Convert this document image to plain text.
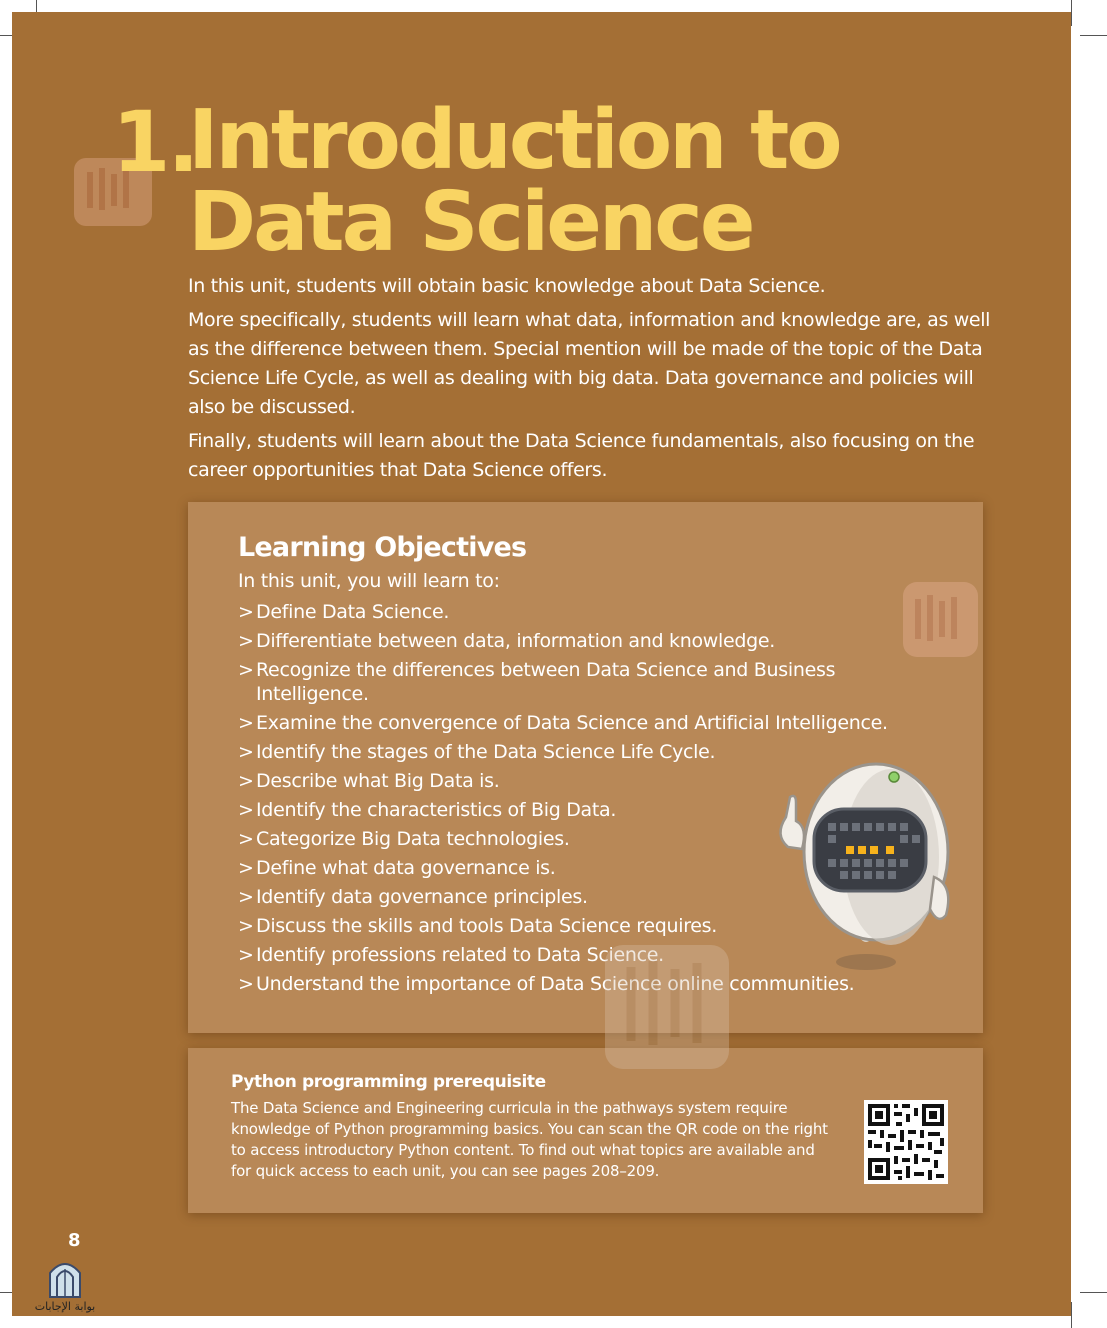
1.
Introduction to
Data Science

In this unit, students will obtain basic knowledge about Data Science.

More specifically, students will learn what data, information and knowledge are, as well as the difference between them. Special mention will be made of the topic of the Data Science Life Cycle, as well as dealing with big data. Data governance and policies will also be discussed.

Finally, students will learn about the Data Science fundamentals, also focusing on the career opportunities that Data Science offers.

Learning Objectives
In this unit, you will learn to:
> Define Data Science.
> Differentiate between data, information and knowledge.
> Recognize the differences between Data Science and Business Intelligence.
> Examine the convergence of Data Science and Artificial Intelligence.
> Identify the stages of the Data Science Life Cycle.
> Describe what Big Data is.
> Identify the characteristics of Big Data.
> Categorize Big Data technologies.
> Define what data governance is.
> Identify data governance principles.
> Discuss the skills and tools Data Science requires.
> Identify professions related to Data Science.
> Understand the importance of Data Science online communities.
Python programming prerequisite
The Data Science and Engineering curricula in the pathways system require knowledge of Python programming basics. You can scan the QR code on the right to access introductory Python content. To find out what topics are available and for quick access to each unit, you can see pages 208–209.
8
بوابة الإجابات
